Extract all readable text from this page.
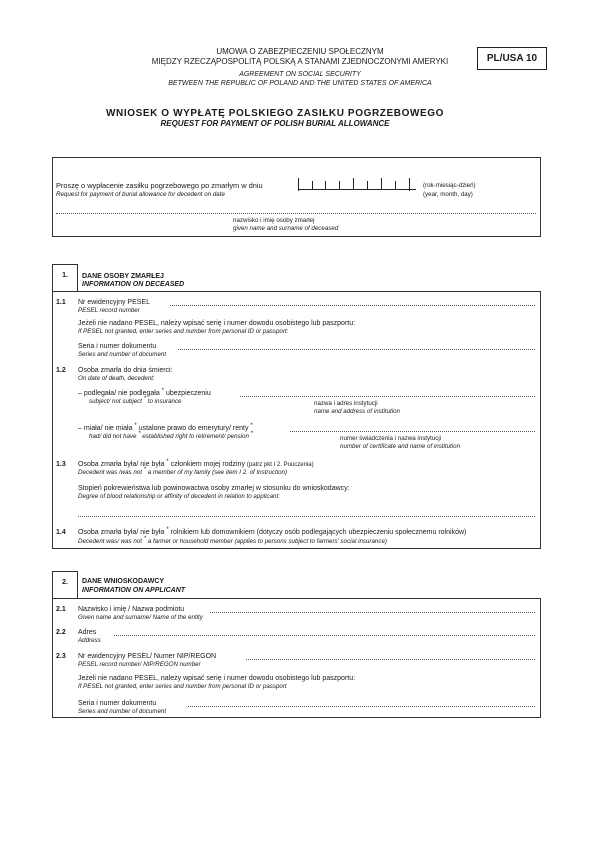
UMOWA O ZABEZPIECZENIU SPOŁECZNYM
MIĘDZY RZECZĄPOSPOLITĄ POLSKĄ A STANAMI ZJEDNOCZONYMI AMERYKI
AGREEMENT ON SOCIAL SECURITY
BETWEEN THE REPUBLIC OF POLAND AND THE UNITED STATES OF AMERICA
PL/USA 10
WNIOSEK O WYPŁATĘ POLSKIEGO ZASIŁKU POGRZEBOWEGO
REQUEST FOR PAYMENT OF POLISH BURIAL ALLOWANCE
Proszę o wypłacenie zasiłku pogrzebowego po zmarłym w dniu
Request for payment of burial allowance for decedent on date
(rok-miesiąc-dzień)
(year, month, day)
nazwisko i imię osoby zmarłej
given name and surname of deceased
1.	DANE OSOBY ZMARŁEJ
INFORMATION ON DECEASED
1.1 Nr ewidencyjny PESEL
PESEL record number
Jeżeli nie nadano PESEL, należy wpisać serię i numer dowodu osobistego lub paszportu:
If PESEL not granted, enter series and number from personal ID or passport:
Seria i numer dokumentu
Series and number of document
1.2 Osoba zmarła do dnia śmierci:
On date of death, decedent:
– podlegała/ nie podlegała * ubezpieczeniu
subject/ not subject * to insurance	nazwa i adres instytucji
name and address of institution
– miała/ nie miała * ustalone prawo do emerytury/ renty *
had/ did not have * established right to retirement/ pension *
numer świadczenia i nazwa instytucji
number of certificate and name of institution
1.3 Osoba zmarła była/ nie była * członkiem mojej rodziny (patrz pkt I 2. Pouczenia)
Decedent was /was not * a member of my family (see item I 2. of Instruction)
Stopień pokrewieństwa lub powinowactwa osoby zmarłej w stosunku do wnioskodawcy:
Degree of blood relationship or affinity of decedent in relation to applicant:
1.4 Osoba zmarła była/ nie była * rolnikiem lub domownikiem (dotyczy osób podlegających ubezpieczeniu społecznemu rolników)
Decedent was/ was not * a farmer or household member (applies to persons subject to farmers' social insurance)
2.	DANE WNIOSKODAWCY
INFORMATION ON APPLICANT
2.1 Nazwisko i imię / Nazwa podmiotu
Given name and surname/ Name of the entity
2.2 Adres
Address
2.3 Nr ewidencyjny PESEL/ Numer NIP/REGON
PESEL record number/ NIP/REGON number
Jeżeli nie nadano PESEL, należy wpisać serię i numer dowodu osobistego lub paszportu:
If PESEL not granted, enter series and number from personal ID or passport
Seria i numer dokumentu
Series and number of document
